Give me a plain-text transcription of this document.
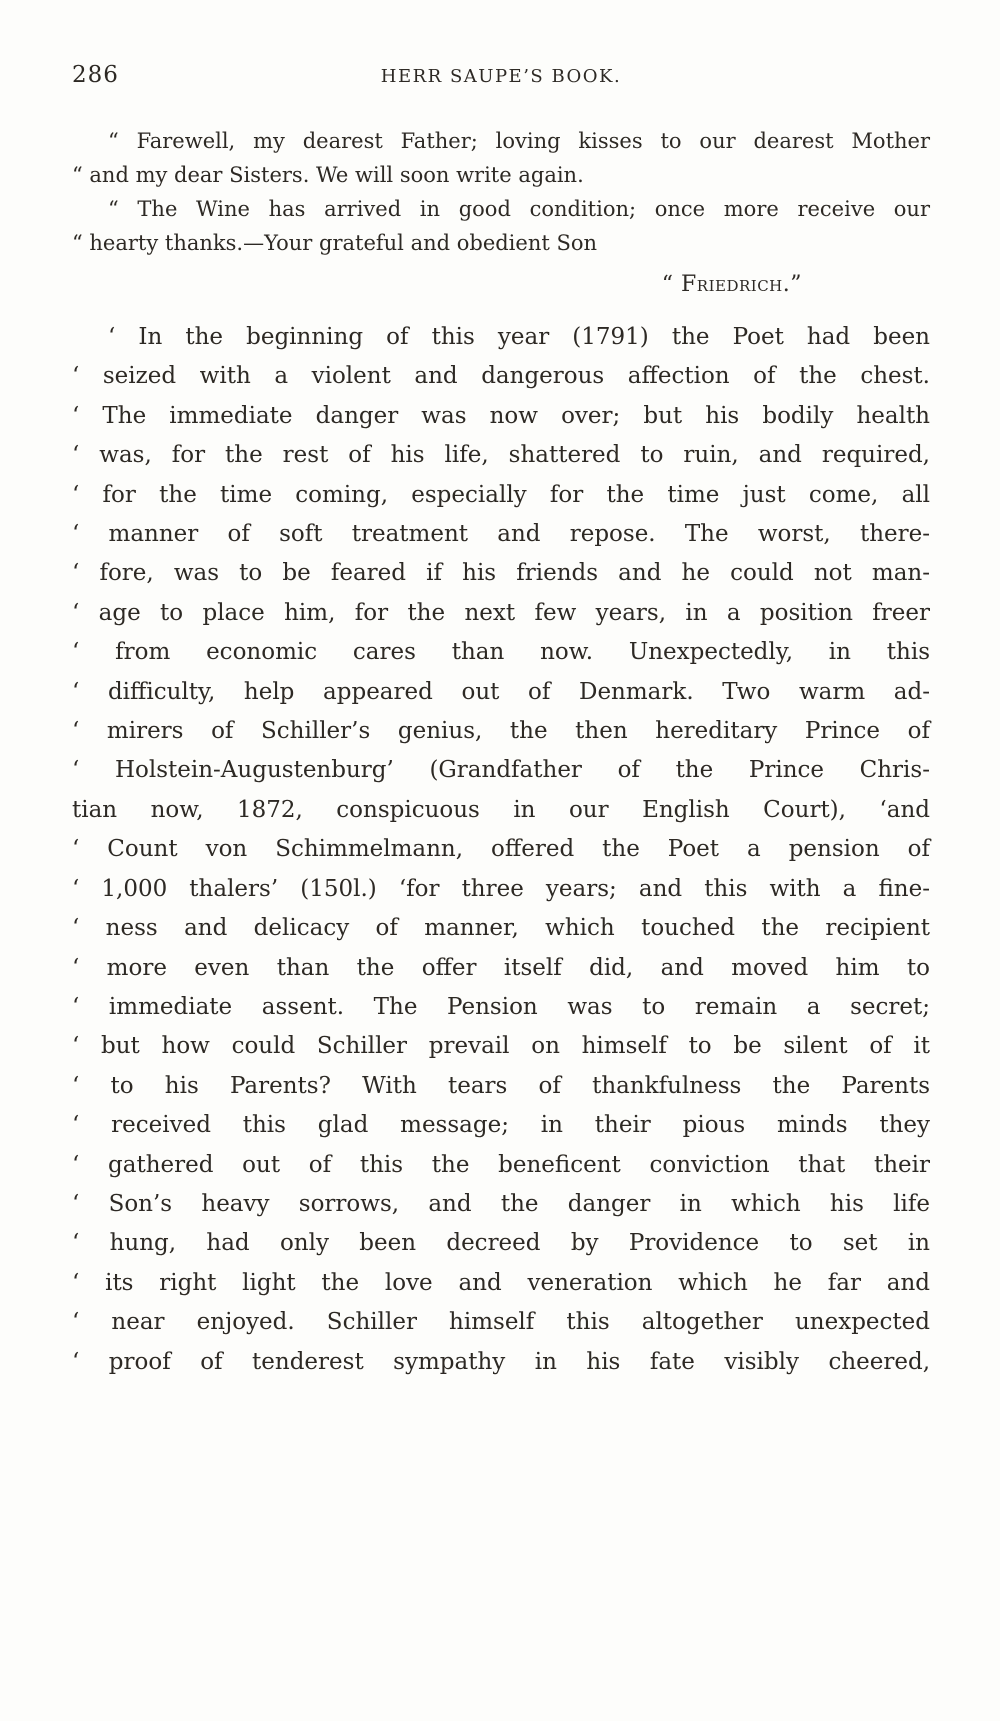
286	HERR SAUPE’S BOOK.
“ Farewell, my dearest Father; loving kisses to our dearest Mother
“ and my dear Sisters. We will soon write again.
“ The Wine has arrived in good condition; once more receive our
“ hearty thanks.—Your grateful and obedient Son
“ Friedrich.”
‘ In the beginning of this year (1791) the Poet had been
‘ seized with a violent and dangerous affection of the chest.
‘ The immediate danger was now over; but his bodily health
‘ was, for the rest of his life, shattered to ruin, and required,
‘ for the time coming, especially for the time just come, all
‘ manner of soft treatment and repose. The worst, there-
‘ fore, was to be feared if his friends and he could not man-
‘ age to place him, for the next few years, in a position freer
‘ from economic cares than now. Unexpectedly, in this
‘ difficulty, help appeared out of Denmark. Two warm ad-
‘ mirers of Schiller’s genius, the then hereditary Prince of
‘ Holstein-Augustenburg’ (Grandfather of the Prince Chris-
tian now, 1872, conspicuous in our English Court), ‘and
‘ Count von Schimmelmann, offered the Poet a pension of
‘ 1,000 thalers’ (150l.) ‘for three years; and this with a fine-
‘ ness and delicacy of manner, which touched the recipient
‘ more even than the offer itself did, and moved him to
‘ immediate assent. The Pension was to remain a secret;
‘ but how could Schiller prevail on himself to be silent of it
‘ to his Parents? With tears of thankfulness the Parents
‘ received this glad message; in their pious minds they
‘ gathered out of this the beneficent conviction that their
‘ Son’s heavy sorrows, and the danger in which his life
‘ hung, had only been decreed by Providence to set in
‘ its right light the love and veneration which he far and
‘ near enjoyed. Schiller himself this altogether unexpected
‘ proof of tenderest sympathy in his fate visibly cheered,
